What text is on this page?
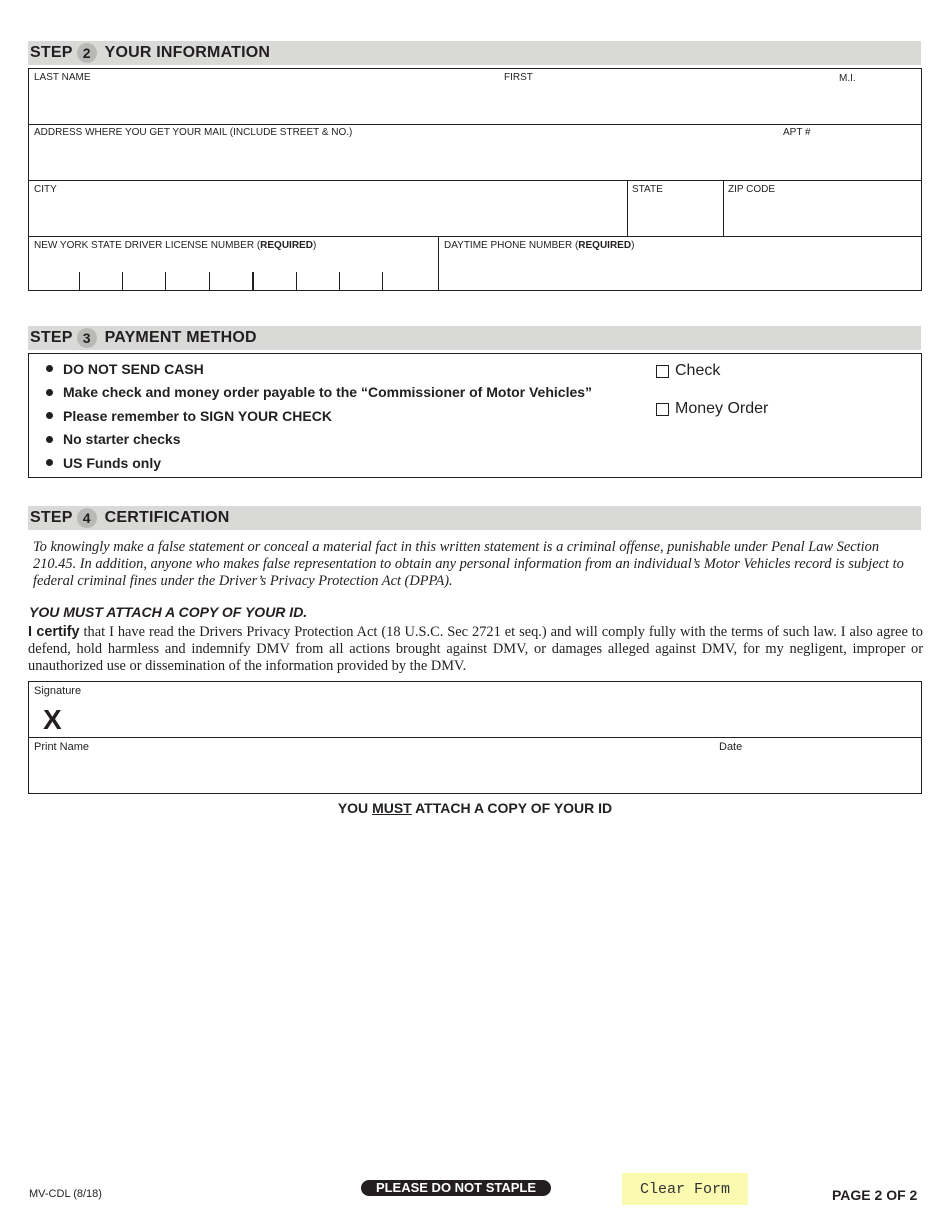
STEP 2 YOUR INFORMATION
LAST NAME	FIRST	M.I.
ADDRESS WHERE YOU GET YOUR MAIL (INCLUDE STREET & NO.)	APT #
CITY	STATE	ZIP CODE
NEW YORK STATE DRIVER LICENSE NUMBER (REQUIRED)	DAYTIME PHONE NUMBER (REQUIRED)
STEP 3 PAYMENT METHOD
DO NOT SEND CASH
Make check and money order payable to the “Commissioner of Motor Vehicles”
Please remember to SIGN YOUR CHECK
No starter checks
US Funds only
Check
Money Order
STEP 4 CERTIFICATION
To knowingly make a false statement or conceal a material fact in this written statement is a criminal offense, punishable under Penal Law Section 210.45. In addition, anyone who makes false representation to obtain any personal information from an individual’s Motor Vehicles record is subject to federal criminal fines under the Driver’s Privacy Protection Act (DPPA).
YOU MUST ATTACH A COPY OF YOUR ID.
I certify that I have read the Drivers Privacy Protection Act (18 U.S.C. Sec 2721 et seq.) and will comply fully with the terms of such law. I also agree to defend, hold harmless and indemnify DMV from all actions brought against DMV, or damages alleged against DMV, for my negligent, improper or unauthorized use or dissemination of the information provided by the DMV.
Signature
X
Print Name	Date
YOU MUST ATTACH A COPY OF YOUR ID
MV-CDL (8/18)	PLEASE DO NOT STAPLE	Clear Form	PAGE 2 OF 2
